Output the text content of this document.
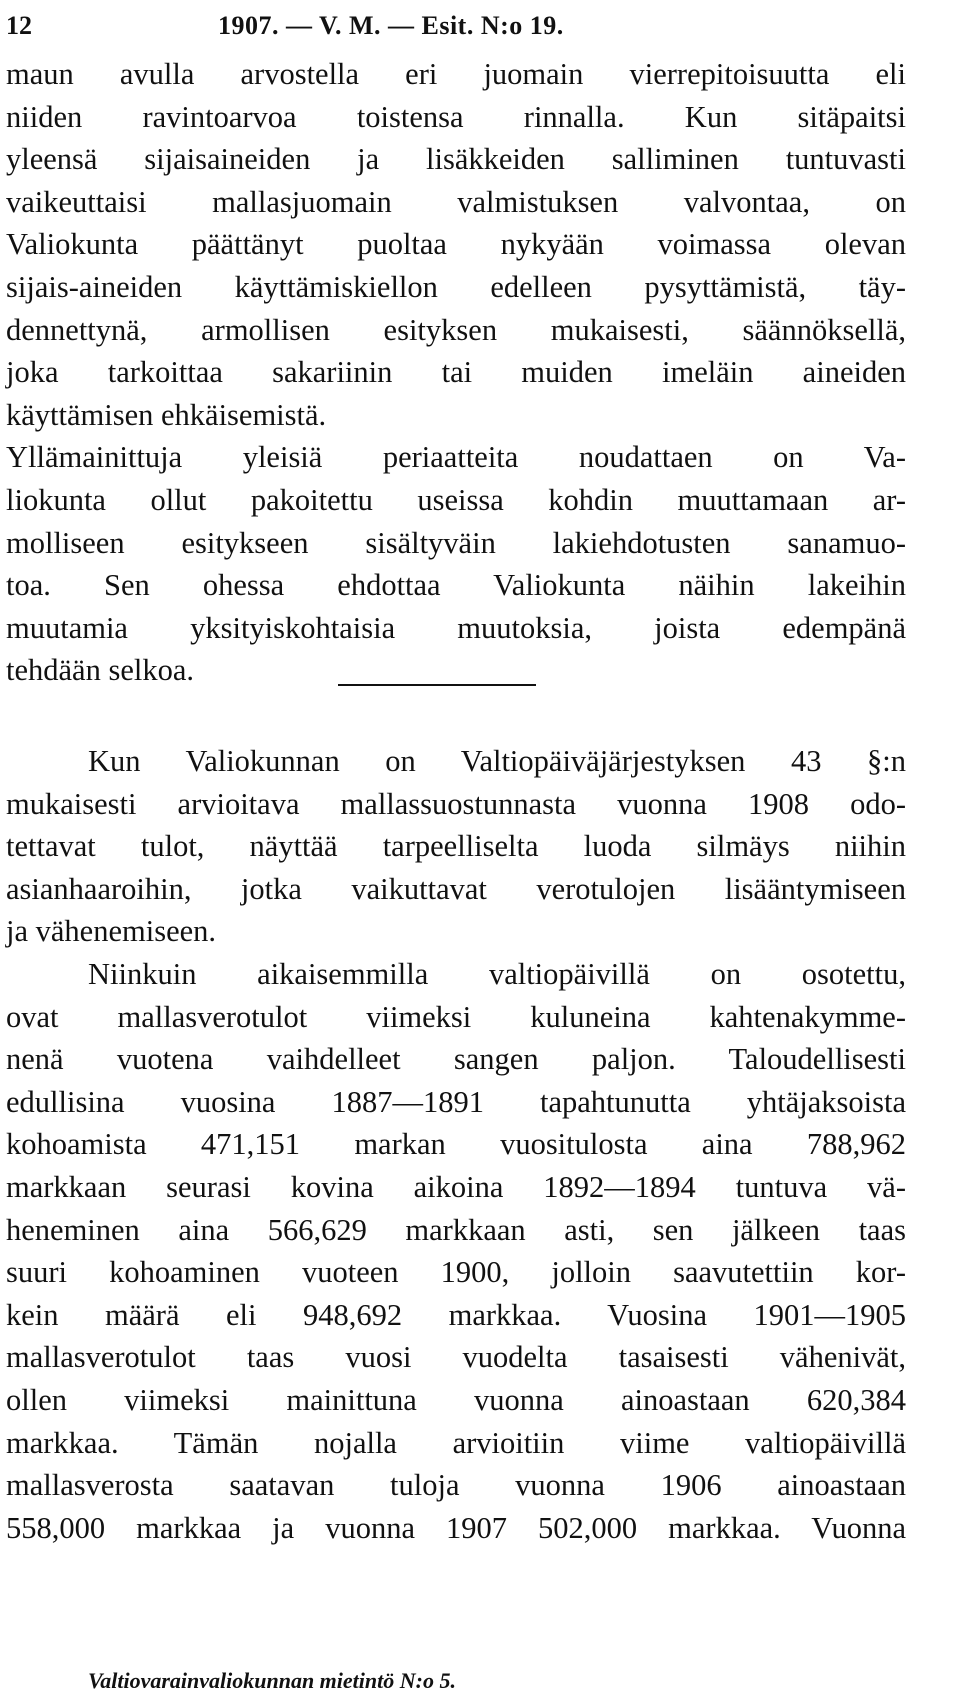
12	1907. — V. M. — Esit. N:o 19.
maun avulla arvostella eri juomain vierrepitoisuutta eli
niiden ravintoarvoa toistensa rinnalla. Kun sitäpaitsi
yleensä sijaisaineiden ja lisäkkeiden salliminen tuntuvasti
vaikeuttaisi mallasjuomain valmistuksen valvontaa, on
Valiokunta päättänyt puoltaa nykyään voimassa olevan
sijais-aineiden käyttämiskiellon edelleen pysyttämistä, täy-
dennettynä, armollisen esityksen mukaisesti, säännöksellä,
joka tarkoittaa sakariinin tai muiden imeläin aineiden
käyttämisen ehkäisemistä.
Yllämainittuja yleisiä periaatteita noudattaen on Va-
liokunta ollut pakoitettu useissa kohdin muuttamaan ar-
molliseen esitykseen sisältyväin lakiehdotusten sanamuo-
toa. Sen ohessa ehdottaa Valiokunta näihin lakeihin
muutamia yksityiskohtaisia muutoksia, joista edempänä
tehdään selkoa.
Kun Valiokunnan on Valtiopäiväjärjestyksen 43 §:n
mukaisesti arvioitava mallassuostunnasta vuonna 1908 odo-
tettavat tulot, näyttää tarpeelliselta luoda silmäys niihin
asianhaaroihin, jotka vaikuttavat verotulojen lisääntymiseen
ja vähenemiseen.
Niinkuin aikaisemmilla valtiopäivillä on osotettu,
ovat mallasverotulot viimeksi kuluneina kahtenakymme-
nenä vuotena vaihdelleet sangen paljon. Taloudellisesti
edullisina vuosina 1887—1891 tapahtunutta yhtäjaksoista
kohoamista 471,151 markan vuositulosta aina 788,962
markkaan seurasi kovina aikoina 1892—1894 tuntuva vä-
heneminen aina 566,629 markkaan asti, sen jälkeen taas
suuri kohoaminen vuoteen 1900, jolloin saavutettiin kor-
kein määrä eli 948,692 markkaa. Vuosina 1901—1905
mallasverotulot taas vuosi vuodelta tasaisesti vähenivät,
ollen viimeksi mainittuna vuonna ainoastaan 620,384
markkaa. Tämän nojalla arvioitiin viime valtiopäivillä
mallasverosta saatavan tuloja vuonna 1906 ainoastaan
558,000 markkaa ja vuonna 1907 502,000 markkaa. Vuonna
Valtiovarainvaliokunnan mietintö N:o 5.
